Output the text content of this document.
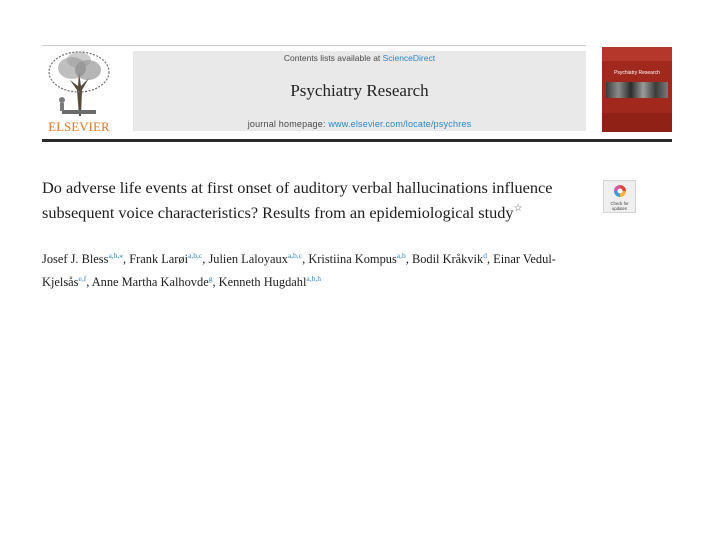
ELSEVIER
Contents lists available at ScienceDirect
Psychiatry Research
journal homepage: www.elsevier.com/locate/psychres
Psychiatry Research
Do adverse life events at first onset of auditory verbal hallucinations influence subsequent voice characteristics? Results from an epidemiological study☆	Check for updates
Josef J. Bless$^{a,b,⁎}$, Frank Larøi$^{a,b,c}$, Julien Laloyaux$^{a,b,c}$, Kristiina Kompus$^{a,b}$, Bodil Kråkvik$^d$, Einar Vedul-Kjelsås$^{e,f}$, Anne Martha Kalhovde$^g$, Kenneth Hugdahl$^{a,b,h}$
